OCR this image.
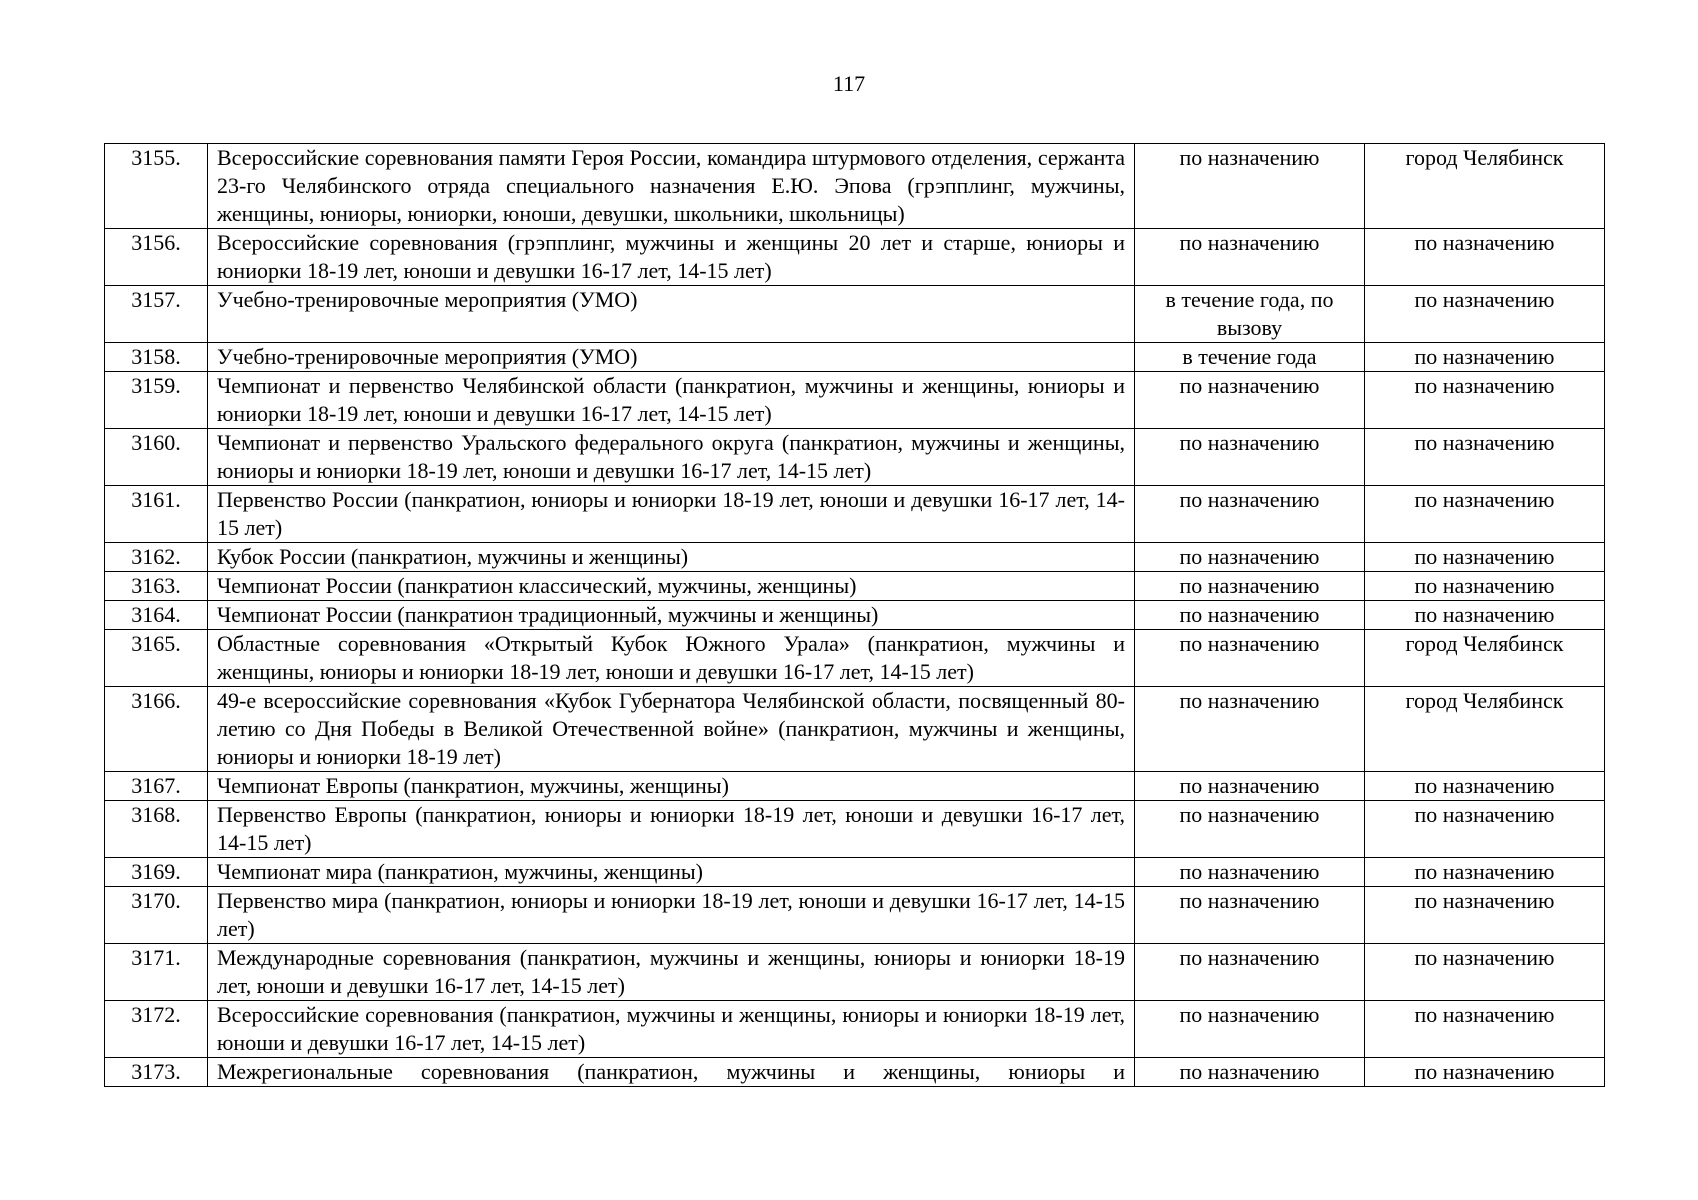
117
3155.	Всероссийские соревнования памяти Героя России, командира штурмового отделения, сержанта 23-го Челябинского отряда специального назначения Е.Ю. Эпова (грэпплинг, мужчины, женщины, юниоры, юниорки, юноши, девушки, школьники, школьницы)	по назначению	город Челябинск
3156.	Всероссийские соревнования (грэпплинг, мужчины и женщины 20 лет и старше, юниоры и юниорки 18-19 лет, юноши и девушки 16-17 лет, 14-15 лет)	по назначению	по назначению
3157.	Учебно-тренировочные мероприятия (УМО)	в течение года, по вызову	по назначению
3158.	Учебно-тренировочные мероприятия (УМО)	в течение года	по назначению
3159.	Чемпионат и первенство Челябинской области (панкратион, мужчины и женщины, юниоры и юниорки 18-19 лет, юноши и девушки 16-17 лет, 14-15 лет)	по назначению	по назначению
3160.	Чемпионат и первенство Уральского федерального округа (панкратион, мужчины и женщины, юниоры и юниорки 18-19 лет, юноши и девушки 16-17 лет, 14-15 лет)	по назначению	по назначению
3161.	Первенство России (панкратион, юниоры и юниорки 18-19 лет, юноши и девушки 16-17 лет, 14-15 лет)	по назначению	по назначению
3162.	Кубок России (панкратион, мужчины и женщины)	по назначению	по назначению
3163.	Чемпионат России (панкратион классический, мужчины, женщины)	по назначению	по назначению
3164.	Чемпионат России (панкратион традиционный, мужчины и женщины)	по назначению	по назначению
3165.	Областные соревнования «Открытый Кубок Южного Урала» (панкратион, мужчины и женщины, юниоры и юниорки 18-19 лет, юноши и девушки 16-17 лет, 14-15 лет)	по назначению	город Челябинск
3166.	49-е всероссийские соревнования «Кубок Губернатора Челябинской области, посвященный 80-летию со Дня Победы в Великой Отечественной войне» (панкратион, мужчины и женщины, юниоры и юниорки 18-19 лет)	по назначению	город Челябинск
3167.	Чемпионат Европы (панкратион, мужчины, женщины)	по назначению	по назначению
3168.	Первенство Европы (панкратион, юниоры и юниорки 18-19 лет, юноши и девушки 16-17 лет, 14-15 лет)	по назначению	по назначению
3169.	Чемпионат мира (панкратион, мужчины, женщины)	по назначению	по назначению
3170.	Первенство мира (панкратион, юниоры и юниорки 18-19 лет, юноши и девушки 16-17 лет, 14-15 лет)	по назначению	по назначению
3171.	Международные соревнования (панкратион, мужчины и женщины, юниоры и юниорки 18-19 лет, юноши и девушки 16-17 лет, 14-15 лет)	по назначению	по назначению
3172.	Всероссийские соревнования (панкратион, мужчины и женщины, юниоры и юниорки 18-19 лет, юноши и девушки 16-17 лет, 14-15 лет)	по назначению	по назначению
3173.	Межрегиональные соревнования (панкратион, мужчины и женщины, юниоры и	по назначению	по назначению
